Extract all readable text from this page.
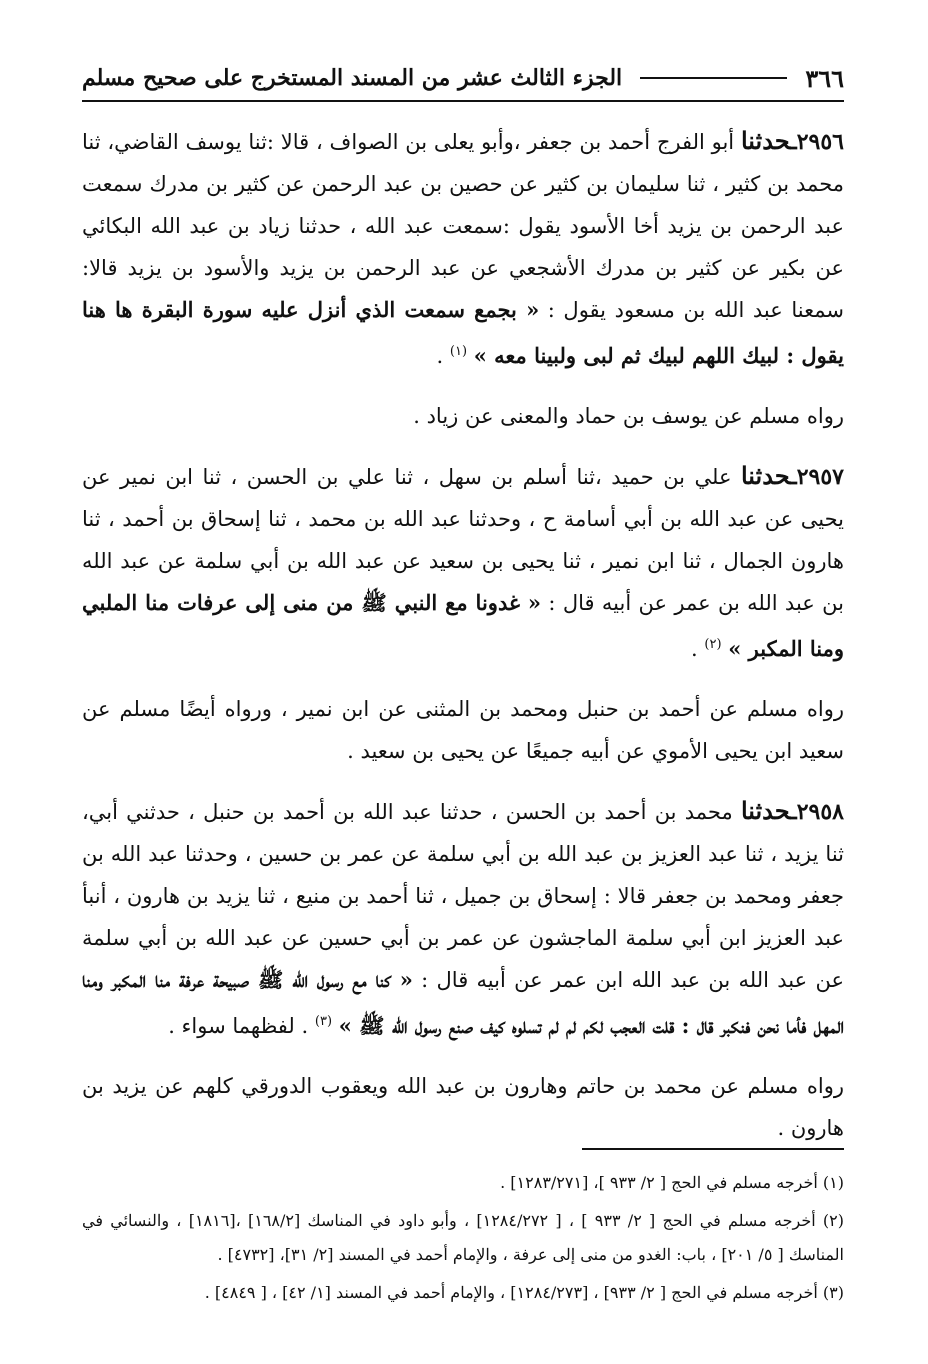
٣٦٦
الجزء الثالث عشر من المسند المستخرج على صحيح مسلم

٢٩٥٦ـحدثنا أبو الفرج أحمد بن جعفر ،وأبو يعلى بن الصواف ، قالا :ثنا يوسف القاضي، ثنا محمد بن كثير ، ثنا سليمان بن كثير عن حصين بن عبد الرحمن عن كثير بن مدرك سمعت عبد الرحمن بن يزيد أخا الأسود يقول :سمعت عبد الله ، حدثنا زياد بن عبد الله البكائي عن بكير عن كثير بن مدرك الأشجعي عن عبد الرحمن بن يزيد والأسود بن يزيد قالا: سمعنا عبد الله بن مسعود يقول : « بجمع سمعت الذي أنزل عليه سورة البقرة ها هنا يقول : لبيك اللهم لبيك ثم لبى ولبينا معه » $^{(١)}$ .

رواه مسلم عن يوسف بن حماد والمعنى عن زياد .

٢٩٥٧ـحدثنا علي بن حميد ،ثنا أسلم بن سهل ، ثنا علي بن الحسن ، ثنا ابن نمير عن يحيى عن عبد الله بن أبي أسامة ح ، وحدثنا عبد الله بن محمد ، ثنا إسحاق بن أحمد ، ثنا هارون الجمال ، ثنا ابن نمير ، ثنا يحيى بن سعيد عن عبد الله بن أبي سلمة عن عبد الله بن عبد الله بن عمر عن أبيه قال : « غدونا مع النبي ﷺ من منى إلى عرفات منا الملبي ومنا المكبر » $^{(٢)}$ .

رواه مسلم عن أحمد بن حنبل ومحمد بن المثنى عن ابن نمير ، ورواه أيضًا مسلم عن سعيد ابن يحيى الأموي عن أبيه جميعًا عن يحيى بن سعيد .

٢٩٥٨ـحدثنا محمد بن أحمد بن الحسن ، حدثنا عبد الله بن أحمد بن حنبل ، حدثني أبي، ثنا يزيد ، ثنا عبد العزيز بن عبد الله بن أبي سلمة عن عمر بن حسين ، وحدثنا عبد الله بن جعفر ومحمد بن جعفر قالا : إسحاق بن جميل ، ثنا أحمد بن منيع ، ثنا يزيد بن هارون ، أنبأ عبد العزيز ابن أبي سلمة الماجشون عن عمر بن أبي حسين عن عبد الله بن أبي سلمة عن عبد الله بن عبد الله ابن عمر عن أبيه قال : « كنا مع رسول الله ﷺ صبيحة عرفة منا المكبر ومنا المهل فأما نحن فنكبر قال : قلت العجب لكم لم لم تسلوه كيف صنع رسول الله ﷺ » $^{(٣)}$ . لفظهما سواء .

رواه مسلم عن محمد بن حاتم وهارون بن عبد الله ويعقوب الدورقي كلهم عن يزيد بن هارون .

(١) أخرجه مسلم في الحج [ ٢/ ٩٣٣ ]، [١٢٨٣/٢٧١] .

(٢) أخرجه مسلم في الحج [ ٢/ ٩٣٣ ] ، [ ١٢٨٤/٢٧٢] ، وأبو داود في المناسك [١٦٨/٢] ،[١٨١٦] ، والنسائي في المناسك [ ٥/ ٢٠١] ، باب: الغدو من منى إلى عرفة ، والإمام أحمد في المسند [٢/ ٣١]، [٤٧٣٢] .

(٣) أخرجه مسلم في الحج [ ٢/ ٩٣٣] ، [١٢٨٤/٢٧٣] ، والإمام أحمد في المسند [١/ ٤٢] ، [ ٤٨٤٩] .
